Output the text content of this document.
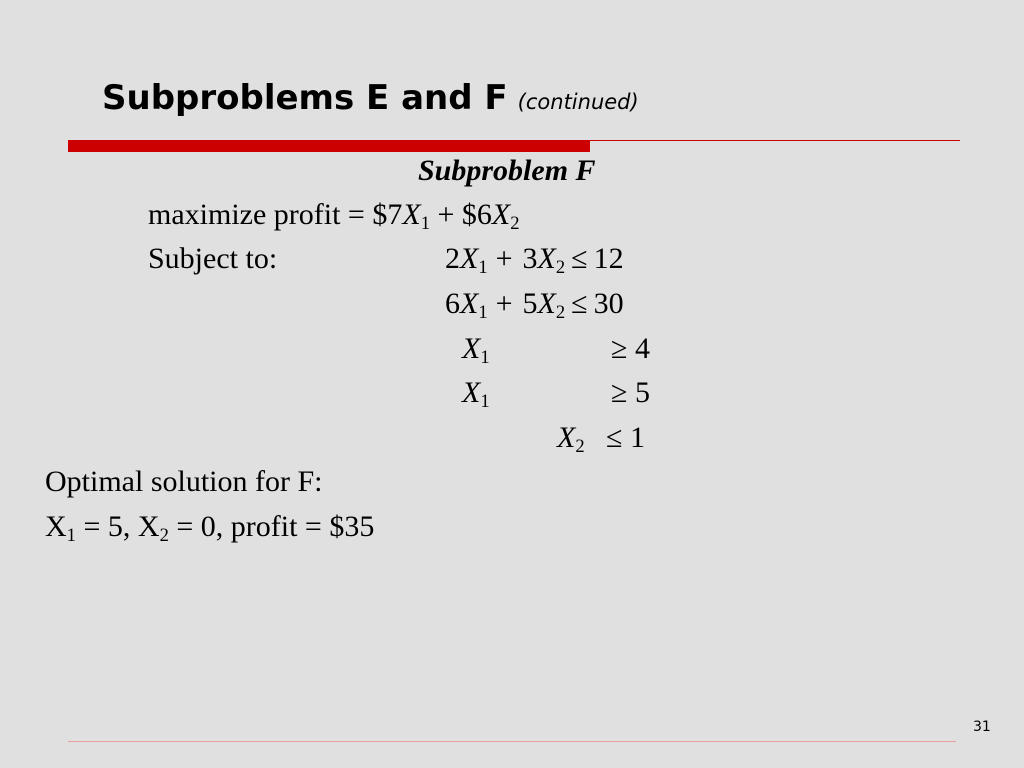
Subproblems E and F (continued)
Subproblem F
maximize profit = $\$7X_1$ + $\$6X_2$
Subject to:	$2X_1 + 3X_2 \le 12$
$6X_1 + 5X_2 \le 30$
$X_1$	≥ 4
$X_1$	≥ 5
$X_2 \le 1$
Optimal solution for F:
$X_1 = 5$, $X_2 = 0$, profit = $35
31
